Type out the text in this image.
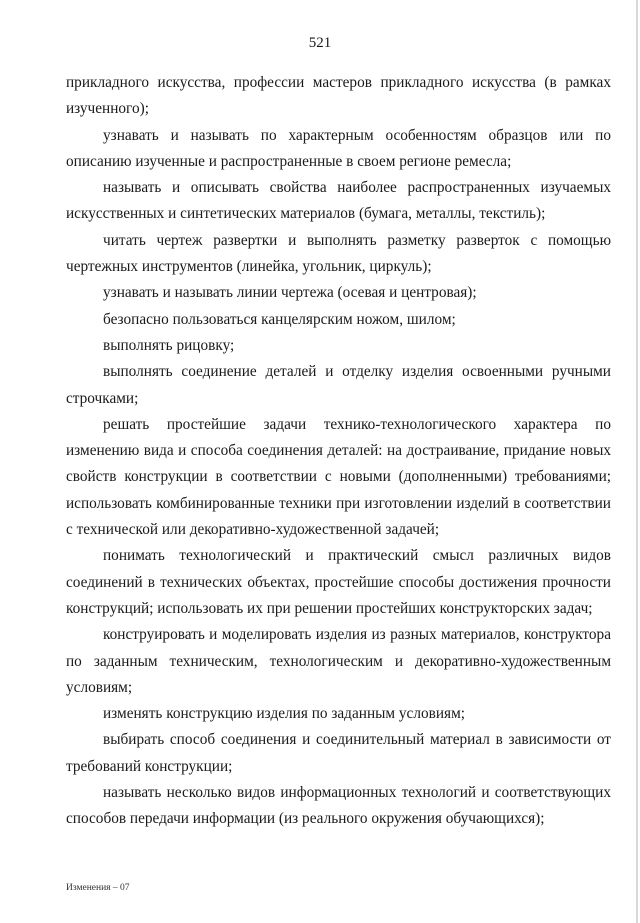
521

прикладного искусства, профессии мастеров прикладного искусства (в рамках изученного);

узнавать и называть по характерным особенностям образцов или по описанию изученные и распространенные в своем регионе ремесла;

называть и описывать свойства наиболее распространенных изучаемых искусственных и синтетических материалов (бумага, металлы, текстиль);

читать чертеж развертки и выполнять разметку разверток с помощью чертежных инструментов (линейка, угольник, циркуль);

узнавать и называть линии чертежа (осевая и центровая);

безопасно пользоваться канцелярским ножом, шилом;

выполнять рицовку;

выполнять соединение деталей и отделку изделия освоенными ручными строчками;

решать простейшие задачи технико-технологического характера по изменению вида и способа соединения деталей: на достраивание, придание новых свойств конструкции в соответствии с новыми (дополненными) требованиями; использовать комбинированные техники при изготовлении изделий в соответствии с технической или декоративно-художественной задачей;

понимать технологический и практический смысл различных видов соединений в технических объектах, простейшие способы достижения прочности конструкций; использовать их при решении простейших конструкторских задач;

конструировать и моделировать изделия из разных материалов, конструктора по заданным техническим, технологическим и декоративно-художественным условиям;

изменять конструкцию изделия по заданным условиям;

выбирать способ соединения и соединительный материал в зависимости от требований конструкции;

называть несколько видов информационных технологий и соответствующих способов передачи информации (из реального окружения обучающихся);

Изменения – 07
